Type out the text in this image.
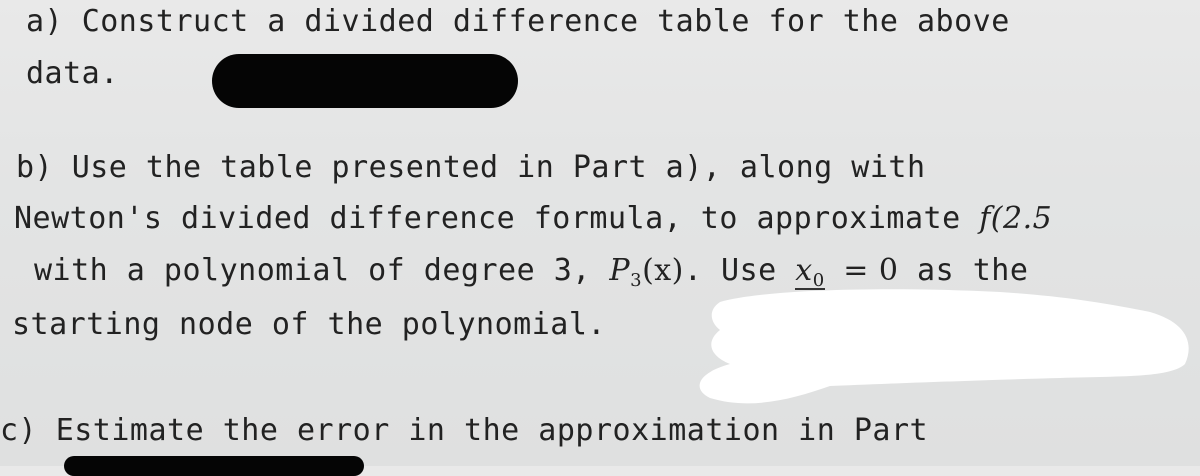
a) Construct a divided difference table for the above
data.
b) Use the table presented in Part a), along with
Newton's divided difference formula, to approximate f(2.5
with a polynomial of degree 3, $P_3(x)$. Use $x_0 = 0$ as the
starting node of the polynomial.
c) Estimate the error in the approximation in Part
